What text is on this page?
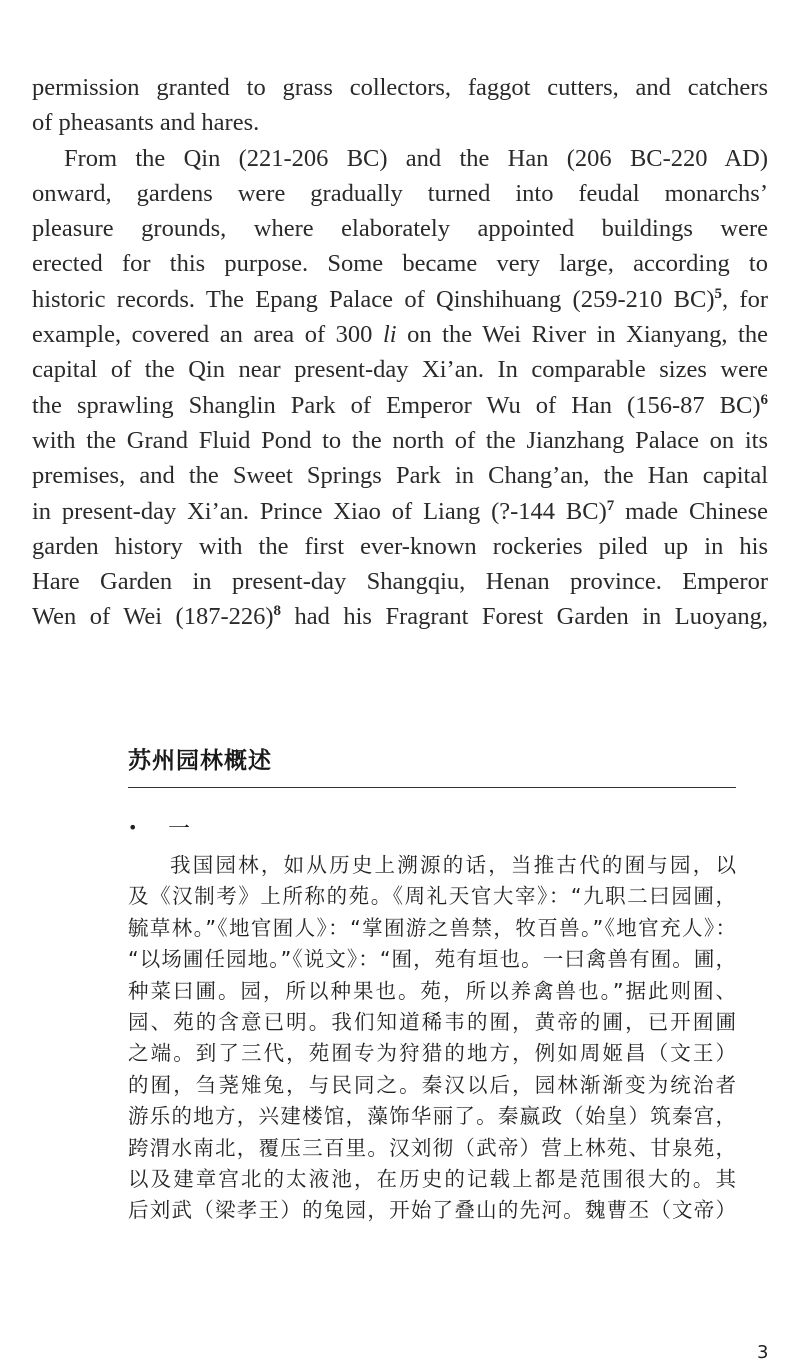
permission granted to grass collectors, faggot cutters, and catchers
of pheasants and hares.
From the Qin (221-206 BC) and the Han (206 BC-220 AD)
onward, gardens were gradually turned into feudal monarchs’
pleasure grounds, where elaborately appointed buildings were
erected for this purpose. Some became very large, according to
historic records. The Epang Palace of Qinshihuang (259-210 BC)$^5$, for
example, covered an area of 300 li on the Wei River in Xianyang, the
capital of the Qin near present-day Xi’an. In comparable sizes were
the sprawling Shanglin Park of Emperor Wu of Han (156-87 BC)$^6$
with the Grand Fluid Pond to the north of the Jianzhang Palace on its
premises, and the Sweet Springs Park in Chang’an, the Han capital
in present-day Xi’an. Prince Xiao of Liang (?-144 BC)$^7$ made Chinese
garden history with the first ever-known rockeries piled up in his
Hare Garden in present-day Shangqiu, Henan province. Emperor
Wen of Wei $(187-226)^8$ had his Fragrant Forest Garden in Luoyang,
苏州园林概述
• 一
我国园林，如从历史上溯源的话，当推古代的囿与园，以
及《汉制考》上所称的苑。《周礼天官大宰》：“九职二曰园圃，
毓草林。”《地官囿人》：“掌囿游之兽禁，牧百兽。”《地官充人》：
“以场圃任园地。”《说文》：“囿，苑有垣也。一曰禽兽有囿。圃，
种菜曰圃。园，所以种果也。苑，所以养禽兽也。”据此则囿、
园、苑的含意已明。我们知道稀韦的囿，黄帝的圃，已开囿圃
之端。到了三代，苑囿专为狩猎的地方，例如周姬昌（文王）
的囿，刍荛雉兔，与民同之。秦汉以后，园林渐渐变为统治者
游乐的地方，兴建楼馆，藻饰华丽了。秦嬴政（始皇）筑秦宫，
跨渭水南北，覆压三百里。汉刘彻（武帝）营上林苑、甘泉苑，
以及建章宫北的太液池，在历史的记载上都是范围很大的。其
后刘武（梁孝王）的兔园，开始了叠山的先河。魏曹丕（文帝）
3
